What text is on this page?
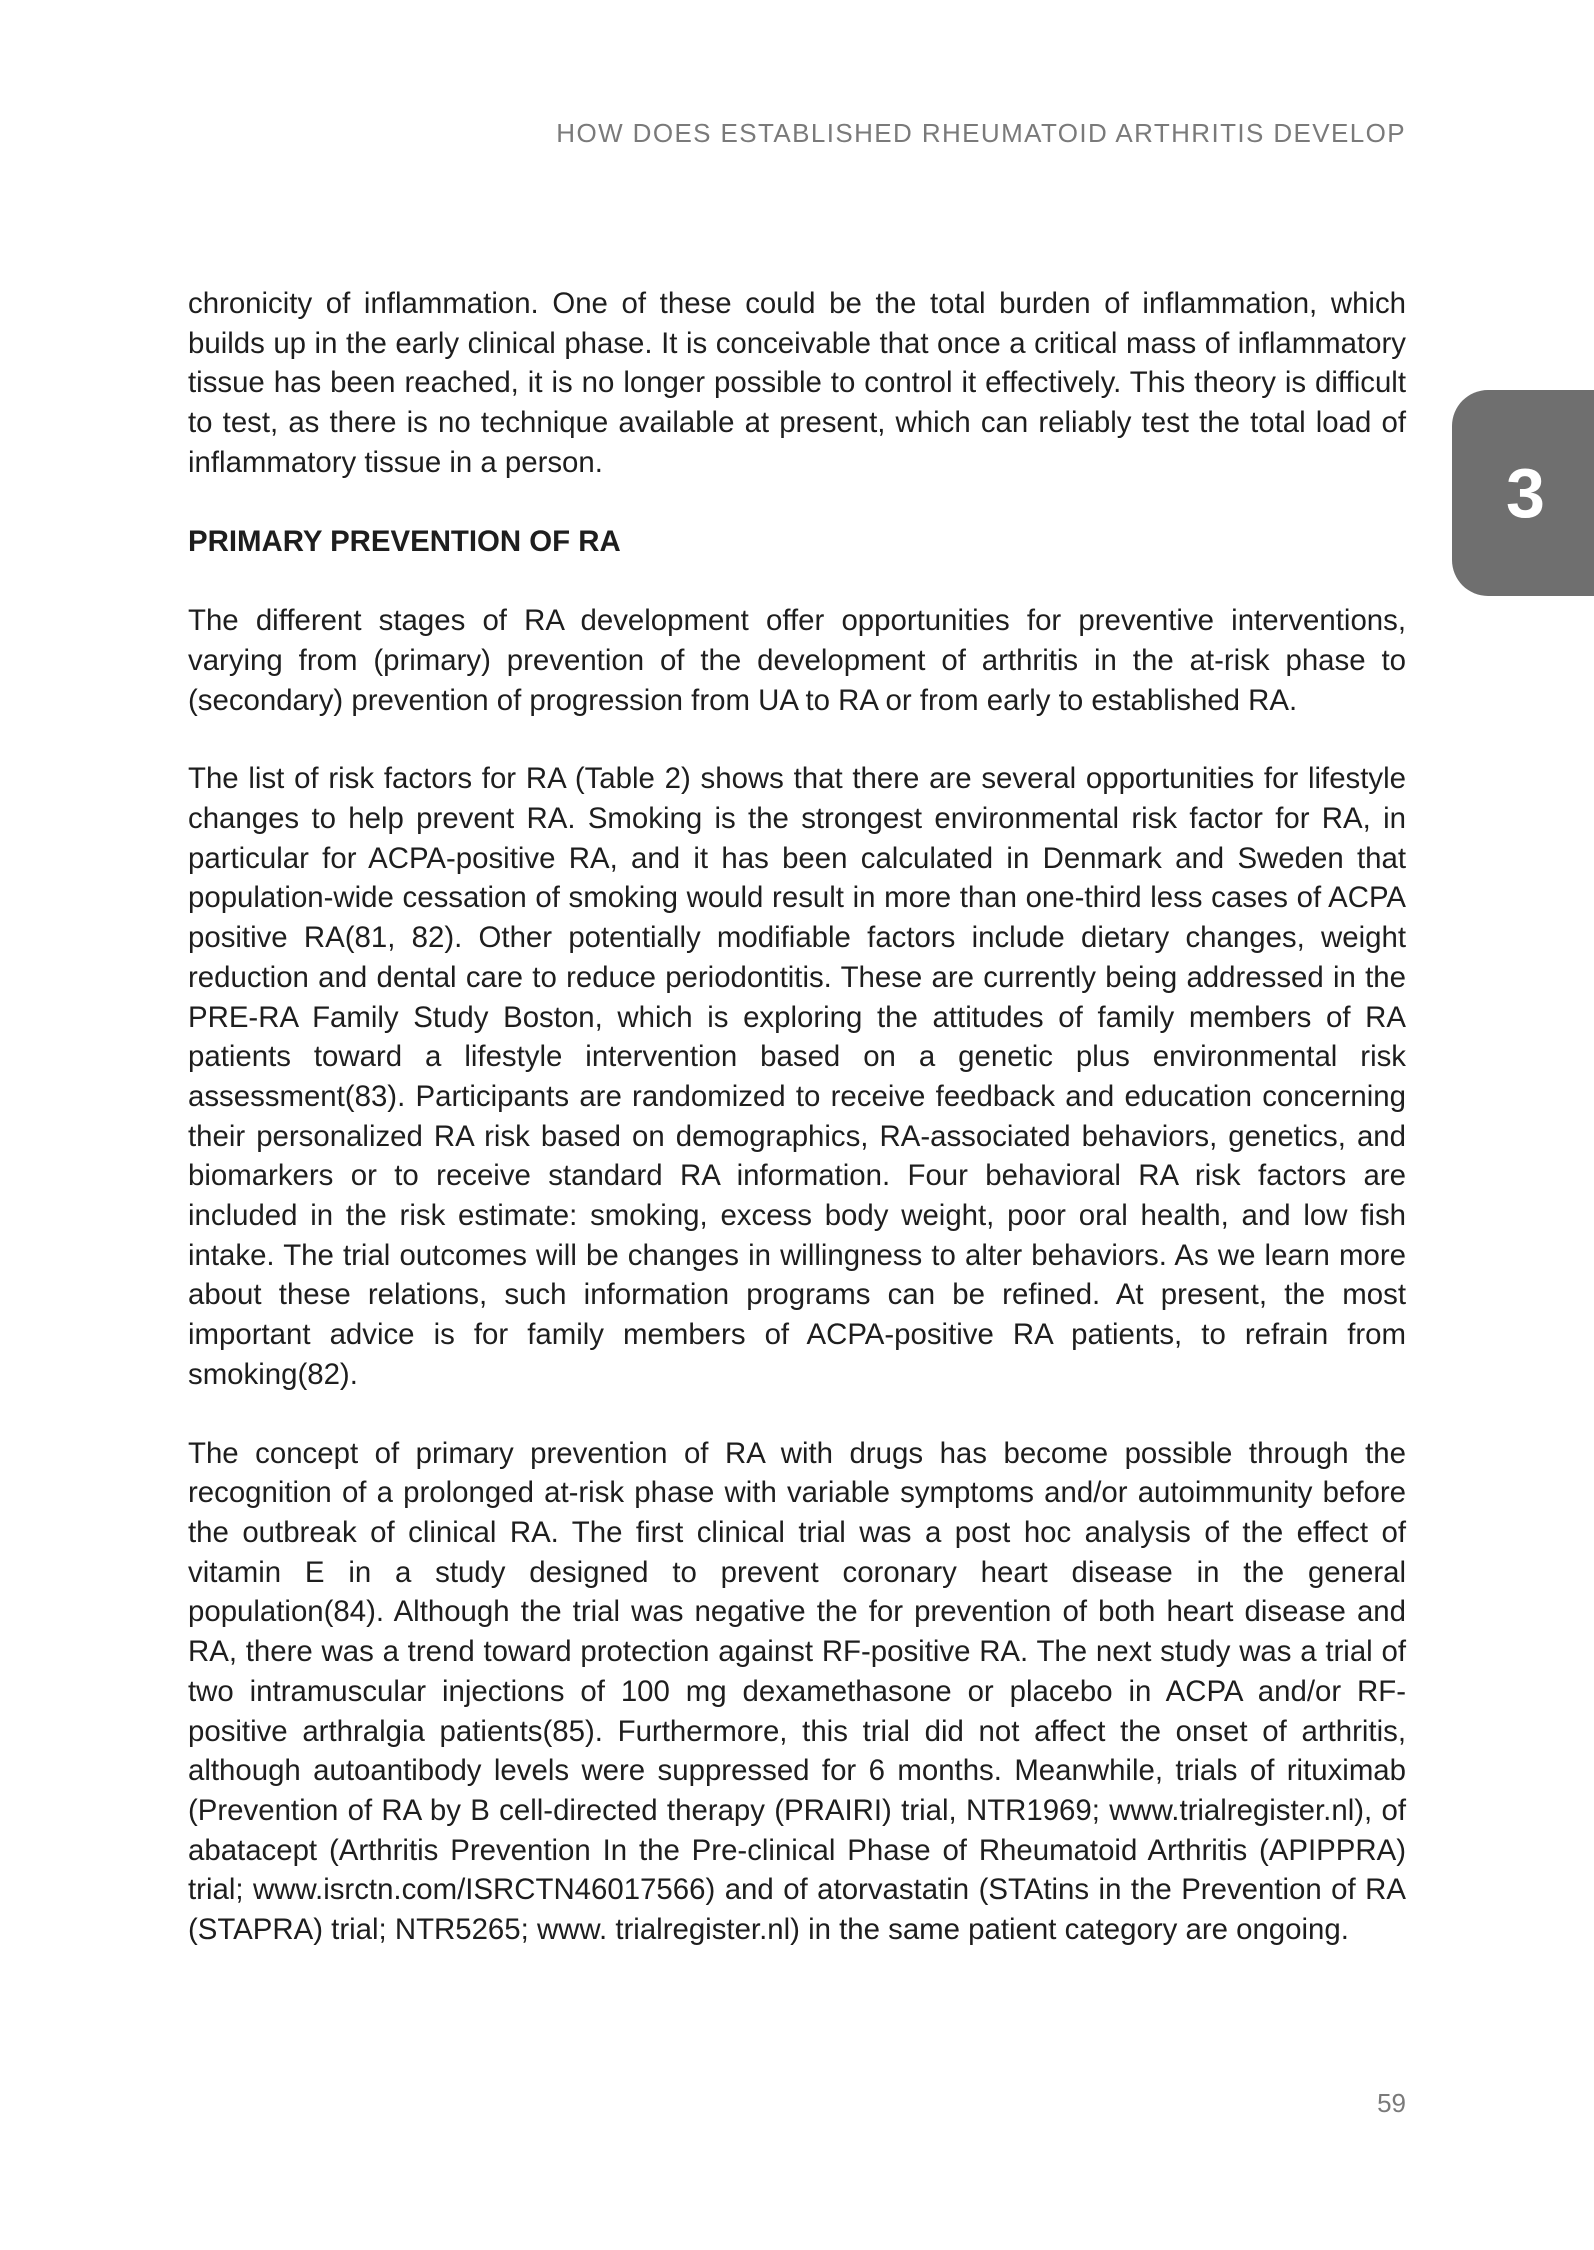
HOW DOES ESTABLISHED RHEUMATOID ARTHRITIS DEVELOP
3

chronicity of inflammation. One of these could be the total burden of inflammation, which builds up in the early clinical phase. It is conceivable that once a critical mass of inflammatory tissue has been reached, it is no longer possible to control it effectively. This theory is difficult to test, as there is no technique available at present, which can reliably test the total load of inflammatory tissue in a person.

PRIMARY PREVENTION OF RA

The different stages of RA development offer opportunities for preventive interventions, varying from (primary) prevention of the development of arthritis in the at-risk phase to (secondary) prevention of progression from UA to RA or from early to established RA.

The list of risk factors for RA (Table 2) shows that there are several opportunities for lifestyle changes to help prevent RA. Smoking is the strongest environmental risk factor for RA, in particular for ACPA-positive RA, and it has been calculated in Denmark and Sweden that population-wide cessation of smoking would result in more than one-third less cases of ACPA positive RA(81, 82). Other potentially modifiable factors include dietary changes, weight reduction and dental care to reduce periodontitis. These are currently being addressed in the PRE-RA Family Study Boston, which is exploring the attitudes of family members of RA patients toward a lifestyle intervention based on a genetic plus environmental risk assessment(83). Participants are randomized to receive feedback and education concerning their personalized RA risk based on demographics, RA-associated behaviors, genetics, and biomarkers or to receive standard RA information. Four behavioral RA risk factors are included in the risk estimate: smoking, excess body weight, poor oral health, and low fish intake. The trial outcomes will be changes in willingness to alter behaviors. As we learn more about these relations, such information programs can be refined. At present, the most important advice is for family members of ACPA-positive RA patients, to refrain from smoking(82).

The concept of primary prevention of RA with drugs has become possible through the recognition of a prolonged at-risk phase with variable symptoms and/or autoimmunity before the outbreak of clinical RA. The first clinical trial was a post hoc analysis of the effect of vitamin E in a study designed to prevent coronary heart disease in the general population(84). Although the trial was negative the for prevention of both heart disease and RA, there was a trend toward protection against RF-positive RA. The next study was a trial of two intramuscular injections of 100 mg dexamethasone or placebo in ACPA and/or RF-positive arthralgia patients(85). Furthermore, this trial did not affect the onset of arthritis, although autoantibody levels were suppressed for 6 months. Meanwhile, trials of rituximab (Prevention of RA by B cell-directed therapy (PRAIRI) trial, NTR1969; www.trialregister.nl), of abatacept (Arthritis Prevention In the Pre-clinical Phase of Rheumatoid Arthritis (APIPPRA) trial; www.isrctn.com/ISRCTN46017566) and of atorvastatin (STAtins in the Prevention of RA (STAPRA) trial; NTR5265; www. trialregister.nl) in the same patient category are ongoing.

59
